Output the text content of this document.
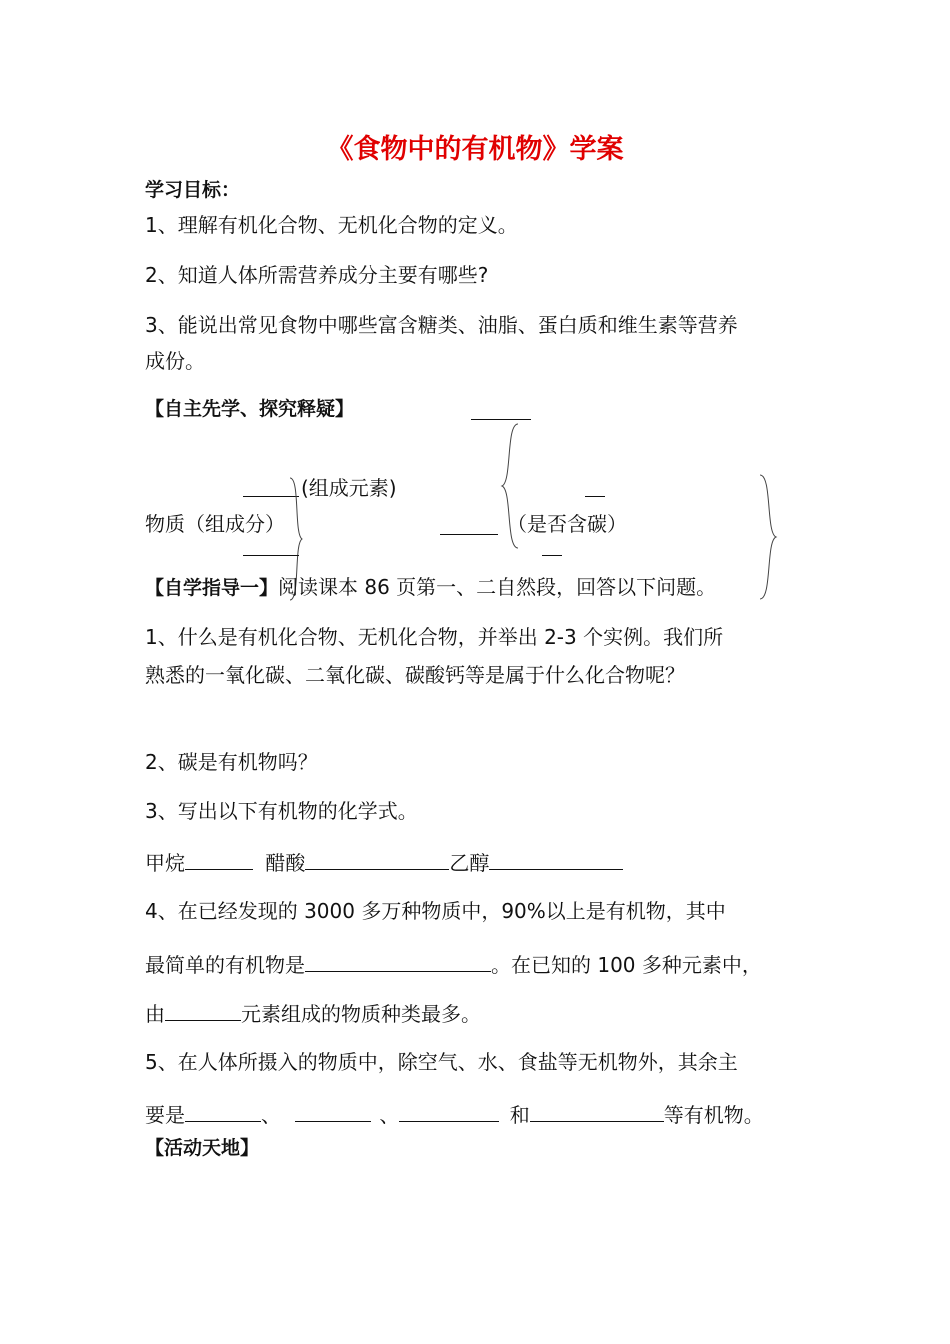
《食物中的有机物》学案
学习目标：
1、理解有机化合物、无机化合物的定义。
2、知道人体所需营养成分主要有哪些?
3、能说出常见食物中哪些富含糖类、油脂、蛋白质和维生素等营养
成份。
【自主先学、探究释疑】
(组成元素)
物质（组成分）	（是否含碳）
【自学指导一】阅读课本 86 页第一、二自然段，回答以下问题。
1、什么是有机化合物、无机化合物，并举出 2-3 个实例。我们所
熟悉的一氧化碳、二氧化碳、碳酸钙等是属于什么化合物呢？
2、碳是有机物吗？
3、写出以下有机物的化学式。
甲烷	醋酸	乙醇
4、在已经发现的 3000 多万种物质中，90%以上是有机物，其中
最简单的有机物是	。在已知的 100 多种元素中，
由	元素组成的物质种类最多。
5、在人体所摄入的物质中，除空气、水、食盐等无机物外，其余主
要是	、	、	和	等有机物。
【活动天地】
